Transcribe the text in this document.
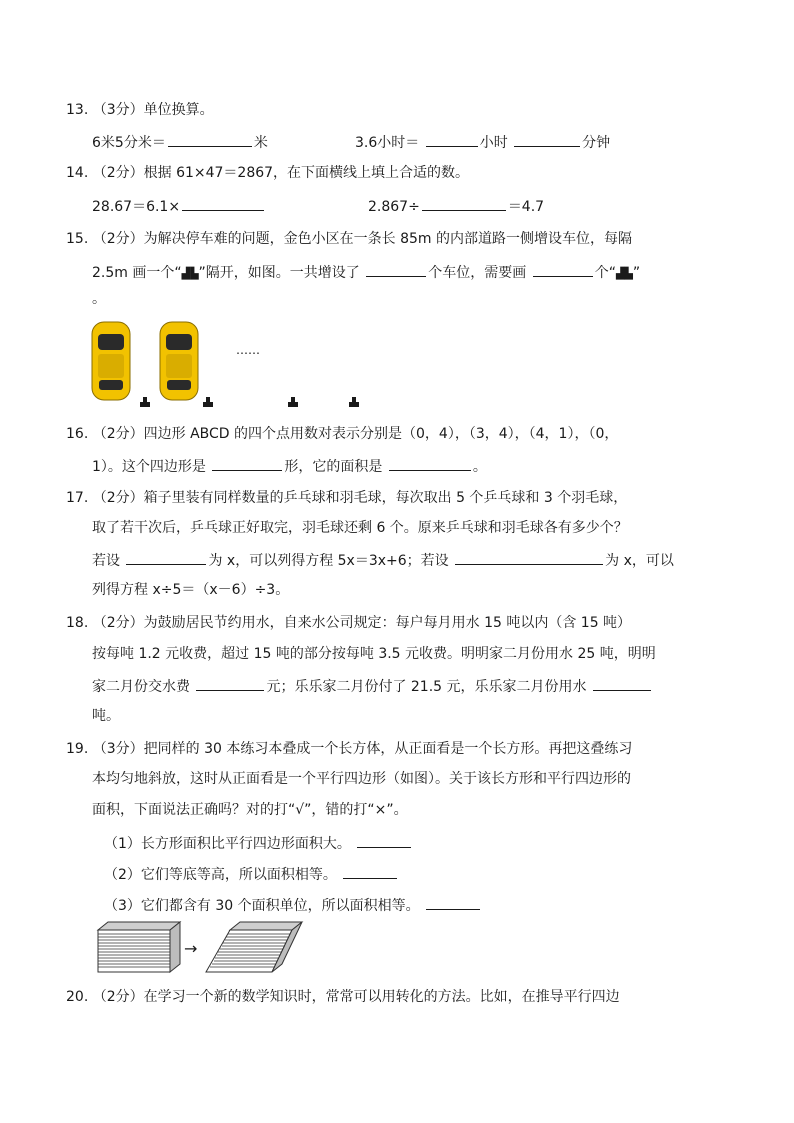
13. （3分）单位换算。
6米5分米＝	米	3.6小时＝	小时	分钟
14. （2分）根据 61×47＝2867，在下面横线上填上合适的数。
28.67＝6.1×	2.867÷	＝4.7
15. （2分）为解决停车难的问题，金色小区在一条长 85m 的内部道路一侧增设车位，每隔
2.5m 画一个“▟▙”隔开，如图。一共增设了	个车位，需要画	个“▟▙”
。
……
16. （2分）四边形 ABCD 的四个点用数对表示分别是（0，4），（3，4），（4，1），（0，
1）。这个四边形是	形，它的面积是	。
17. （2分）箱子里装有同样数量的乒乓球和羽毛球，每次取出 5 个乒乓球和 3 个羽毛球，
取了若干次后，乒乓球正好取完，羽毛球还剩 6 个。原来乒乓球和羽毛球各有多少个？
若设	为 x，可以列得方程 5x＝3x+6；若设	为 x，可以
列得方程 x÷5＝（x－6）÷3。
18. （2分）为鼓励居民节约用水，自来水公司规定：每户每月用水 15 吨以内（含 15 吨）
按每吨 1.2 元收费，超过 15 吨的部分按每吨 3.5 元收费。明明家二月份用水 25 吨，明明
家二月份交水费	元；乐乐家二月份付了 21.5 元，乐乐家二月份用水
吨。
19. （3分）把同样的 30 本练习本叠成一个长方体，从正面看是一个长方形。再把这叠练习
本均匀地斜放，这时从正面看是一个平行四边形（如图）。关于该长方形和平行四边形的
面积，下面说法正确吗？对的打“√”，错的打“×”。
（1）长方形面积比平行四边形面积大。
（2）它们等底等高，所以面积相等。
（3）它们都含有 30 个面积单位，所以面积相等。
→
20. （2分）在学习一个新的数学知识时，常常可以用转化的方法。比如，在推导平行四边
